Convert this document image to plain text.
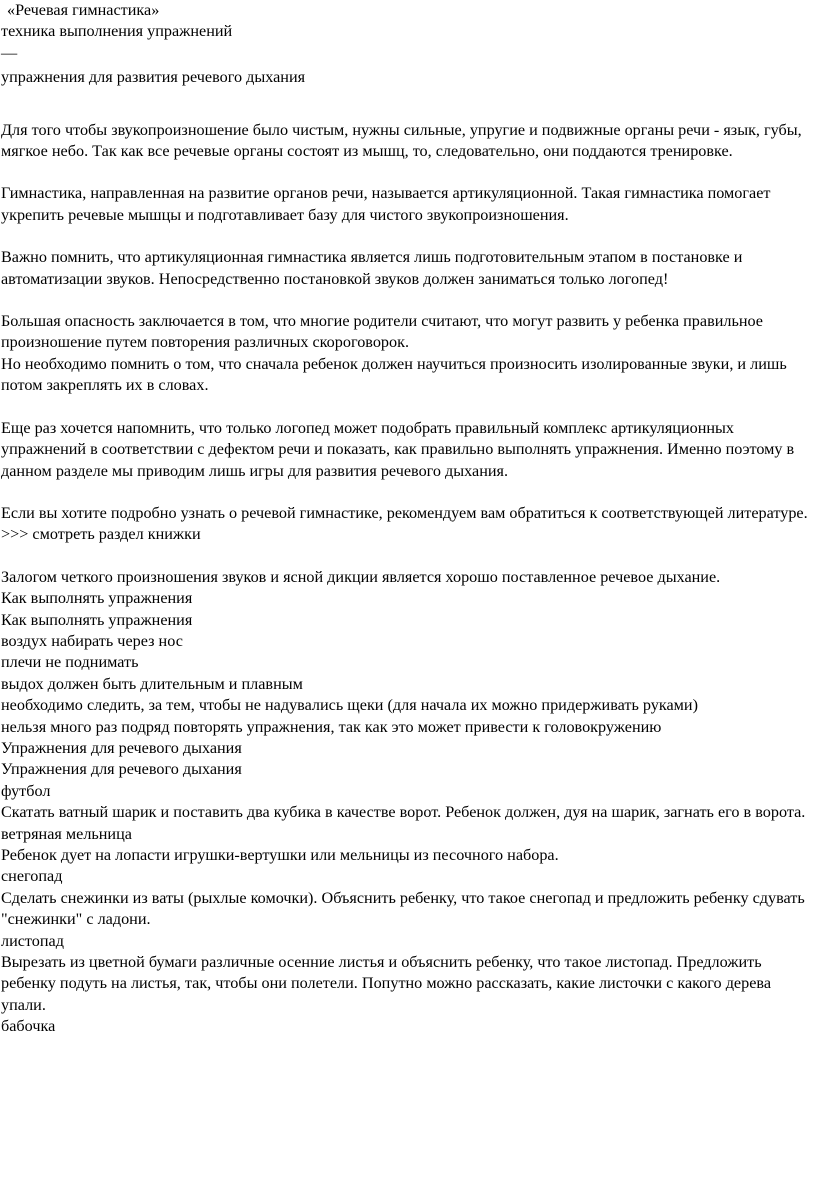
«Речевая гимнастика»

техника выполнения упражнений

—

упражнения для развития речевого дыхания

Для того чтобы звукопроизношение было чистым, нужны сильные, упругие и подвижные органы речи - язык, губы, мягкое небо. Так как все речевые органы состоят из мышц, то, следовательно, они поддаются тренировке.

Гимнастика, направленная на развитие органов речи, называется артикуляционной. Такая гимнастика помогает укрепить речевые мышцы и подготавливает базу для чистого звукопроизношения.

Важно помнить, что артикуляционная гимнастика является лишь подготовительным этапом в постановке и автоматизации звуков. Непосредственно постановкой звуков должен заниматься только логопед!

Большая опасность заключается в том, что многие родители считают, что могут развить у ребенка правильное произношение путем повторения различных скороговорок.

Но необходимо помнить о том, что сначала ребенок должен научиться произносить изолированные звуки, и лишь потом закреплять их в словах.

Еще раз хочется напомнить, что только логопед может подобрать правильный комплекс артикуляционных упражнений в соответствии с дефектом речи и показать, как правильно выполнять упражнения. Именно поэтому в данном разделе мы приводим лишь игры для развития речевого дыхания.

Если вы хотите подробно узнать о речевой гимнастике, рекомендуем вам обратиться к соответствующей литературе. >>> смотреть раздел книжки

Залогом четкого произношения звуков и ясной дикции является хорошо поставленное речевое дыхание.

Как выполнять упражнения

Как выполнять упражнения

воздух набирать через нос

плечи не поднимать

выдох должен быть длительным и плавным

необходимо следить, за тем, чтобы не надувались щеки (для начала их можно придерживать руками)

нельзя много раз подряд повторять упражнения, так как это может привести к головокружению

Упражнения для речевого дыхания

Упражнения для речевого дыхания

футбол

Скатать ватный шарик и поставить два кубика в качестве ворот. Ребенок должен, дуя на шарик, загнать его в ворота.

ветряная мельница

Ребенок дует на лопасти игрушки-вертушки или мельницы из песочного набора.

снегопад

Сделать снежинки из ваты (рыхлые комочки). Объяснить ребенку, что такое снегопад и предложить ребенку сдувать "снежинки" с ладони.

листопад

Вырезать из цветной бумаги различные осенние листья и объяснить ребенку, что такое листопад. Предложить ребенку подуть на листья, так, чтобы они полетели. Попутно можно рассказать, какие листочки с какого дерева упали.

бабочка
